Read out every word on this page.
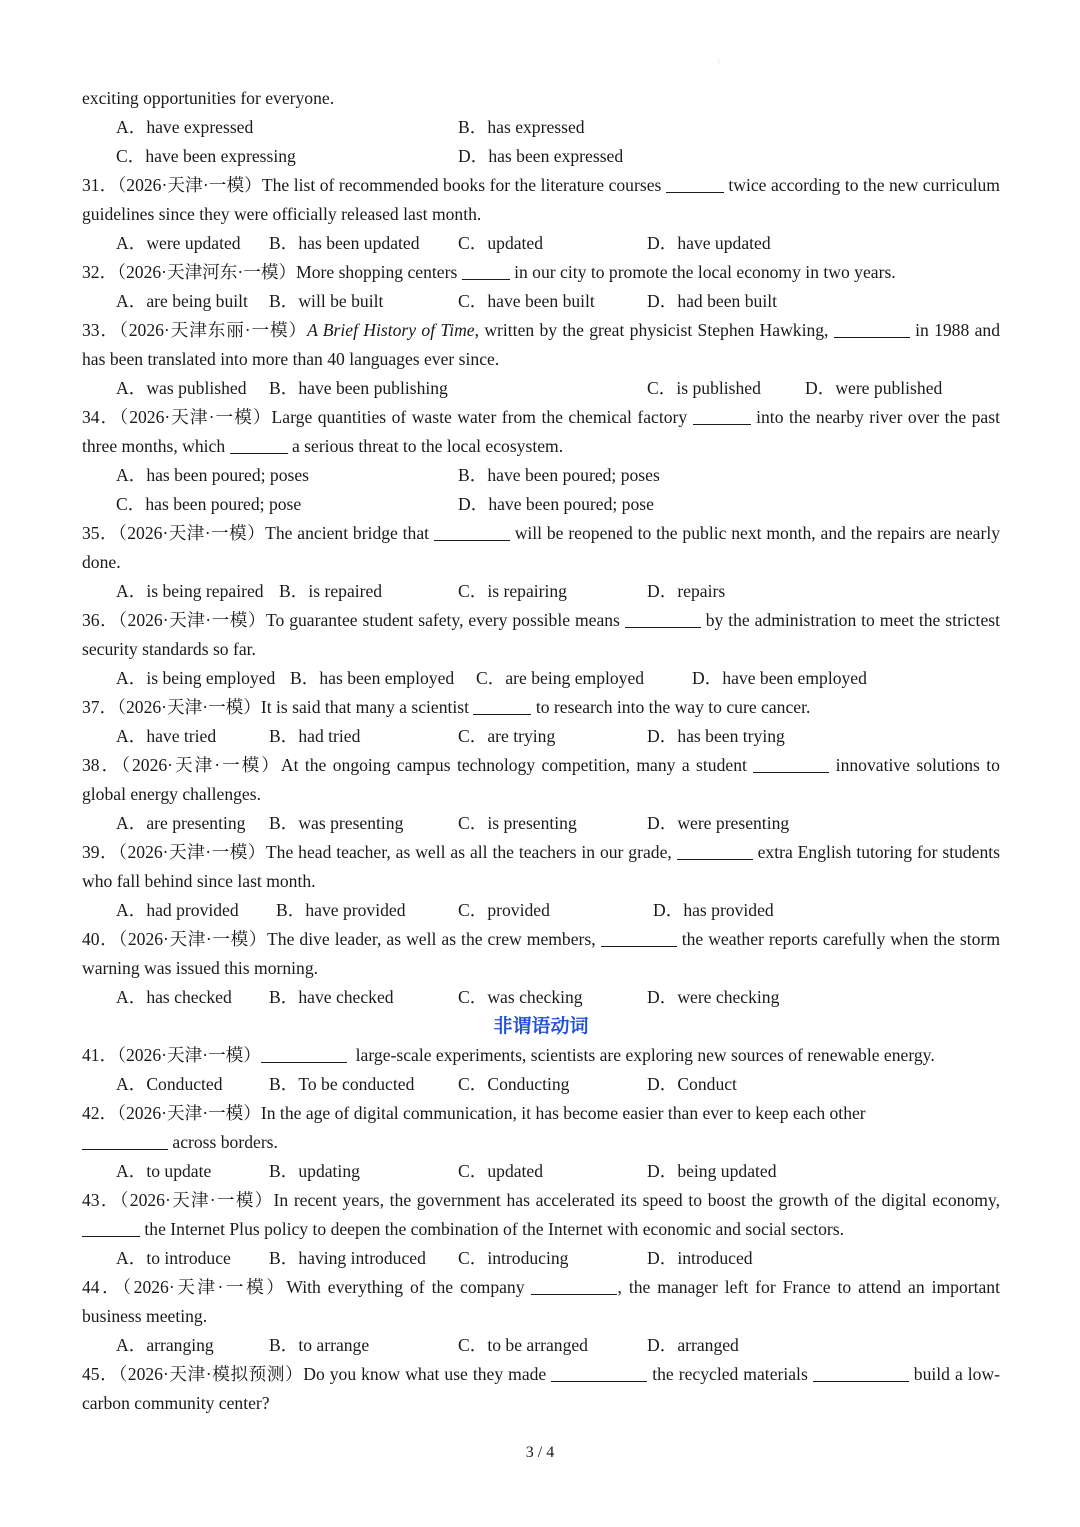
:
exciting opportunities for everyone.
A．have expressed	B．has expressed
C．have been expressing	D．has been expressed
31．（2026·天津·一模）The list of recommended books for the literature courses	twice according to the new curriculum guidelines since they were officially released last month.
A．were updated B．has been updated C．updated	D．have updated
32．（2026·天津河东·一模）More shopping centers	in our city to promote the local economy in two years.
A．are being built B．will be built	C．have been built	D．had been built
33．（2026·天津东丽·一模）A Brief History of Time, written by the great physicist Stephen Hawking,	in 1988 and has been translated into more than 40 languages ever since.
A．was published B．have been publishing	C．is published	D．were published
34．（2026·天津·一模）Large quantities of waste water from the chemical factory	into the nearby river over the past three months, which	a serious threat to the local ecosystem.
A．has been poured; poses	B．have been poured; poses
C．has been poured; pose	D．have been poured; pose
35．（2026·天津·一模）The ancient bridge that	will be reopened to the public next month, and the repairs are nearly done.
A．is being repaired B．is repaired	C．is repairing	D．repairs
36．（2026·天津·一模）To guarantee student safety, every possible means	by the administration to meet the strictest security standards so far.
A．is being employed B．has been employed C．are being employed	D．have been employed
37．（2026·天津·一模）It is said that many a scientist	to research into the way to cure cancer.
A．have tried	B．had tried	C．are trying	D．has been trying
38．（2026·天津·一模）At the ongoing campus technology competition, many a student	innovative solutions to global energy challenges.
A．are presenting B．was presenting	C．is presenting	D．were presenting
39．（2026·天津·一模）The head teacher, as well as all the teachers in our grade,	extra English tutoring for students who fall behind since last month.
A．had provided B．have provided	C．provided	D．has provided
40．（2026·天津·一模）The dive leader, as well as the crew members,	the weather reports carefully when the storm warning was issued this morning.
A．has checked B．have checked	C．was checking	D．were checking
非谓语动词
41．（2026·天津·一模）	large-scale experiments, scientists are exploring new sources of renewable energy.
A．Conducted	B．To be conducted C．Conducting	D．Conduct
42．（2026·天津·一模）In the age of digital communication, it has become easier than ever to keep each other
across borders.
A．to update	B．updating	C．updated	D．being updated
43．（2026·天津·一模）In recent years, the government has accelerated its speed to boost the growth of the digital economy,  the Internet Plus policy to deepen the combination of the Internet with economic and social sectors.
A．to introduce B．having introduced C．introducing	D．introduced
44．（2026·天津·一模）With everything of the company	, the manager left for France to attend an important business meeting.
A．arranging	B．to arrange	C．to be arranged	D．arranged
45．（2026·天津·模拟预测）Do you know what use they made	the recycled materials	build a low-carbon community center?
3 / 4
